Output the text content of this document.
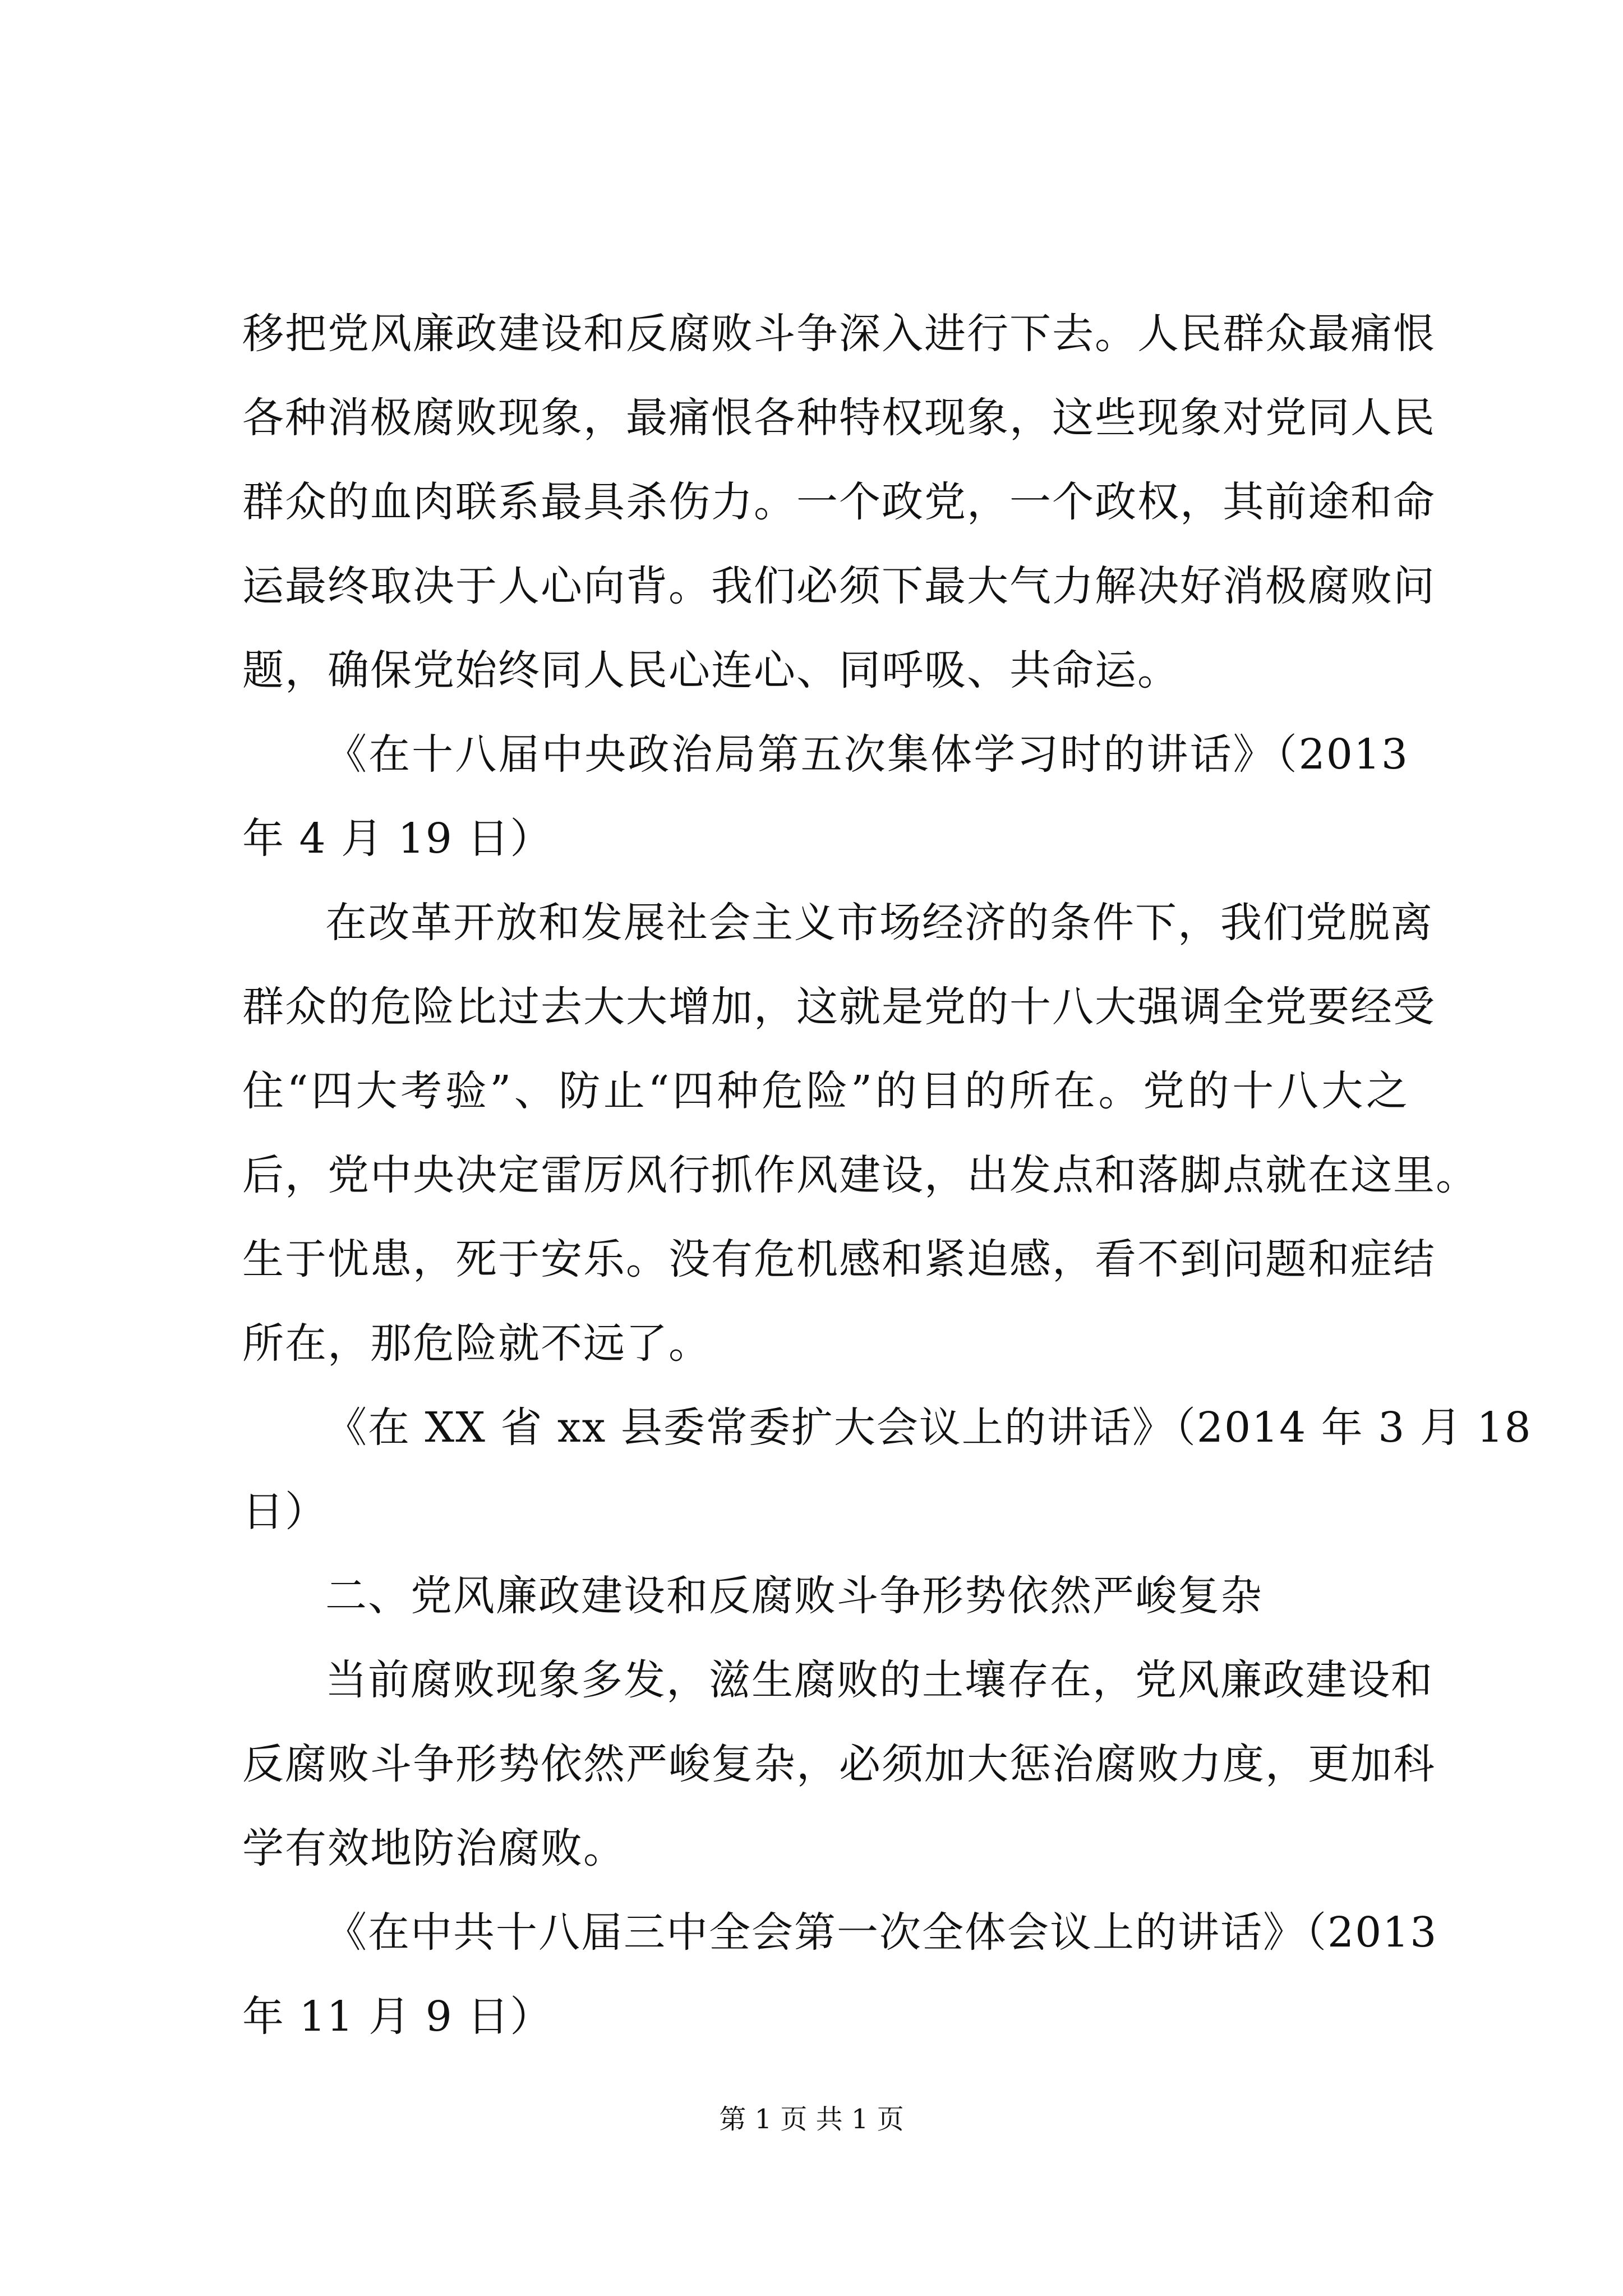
移把党风廉政建设和反腐败斗争深入进行下去。人民群众最痛恨
各种消极腐败现象，最痛恨各种特权现象，这些现象对党同人民
群众的血肉联系最具杀伤力。一个政党，一个政权，其前途和命
运最终取决于人心向背。我们必须下最大气力解决好消极腐败问
题，确保党始终同人民心连心、同呼吸、共命运。
《在十八届中央政治局第五次集体学习时的讲话》（2013
年 4 月 19 日）
在改革开放和发展社会主义市场经济的条件下，我们党脱离
群众的危险比过去大大增加，这就是党的十八大强调全党要经受
住“四大考验”、防止“四种危险”的目的所在。党的十八大之
后，党中央决定雷厉风行抓作风建设，出发点和落脚点就在这里。
生于忧患，死于安乐。没有危机感和紧迫感，看不到问题和症结
所在，那危险就不远了。
《在 XX 省 xx 县委常委扩大会议上的讲话》（2014 年 3 月 18
日）
二、党风廉政建设和反腐败斗争形势依然严峻复杂
当前腐败现象多发，滋生腐败的土壤存在，党风廉政建设和
反腐败斗争形势依然严峻复杂，必须加大惩治腐败力度，更加科
学有效地防治腐败。
《在中共十八届三中全会第一次全体会议上的讲话》（2013
年 11 月 9 日）
第 1 页 共 1 页
